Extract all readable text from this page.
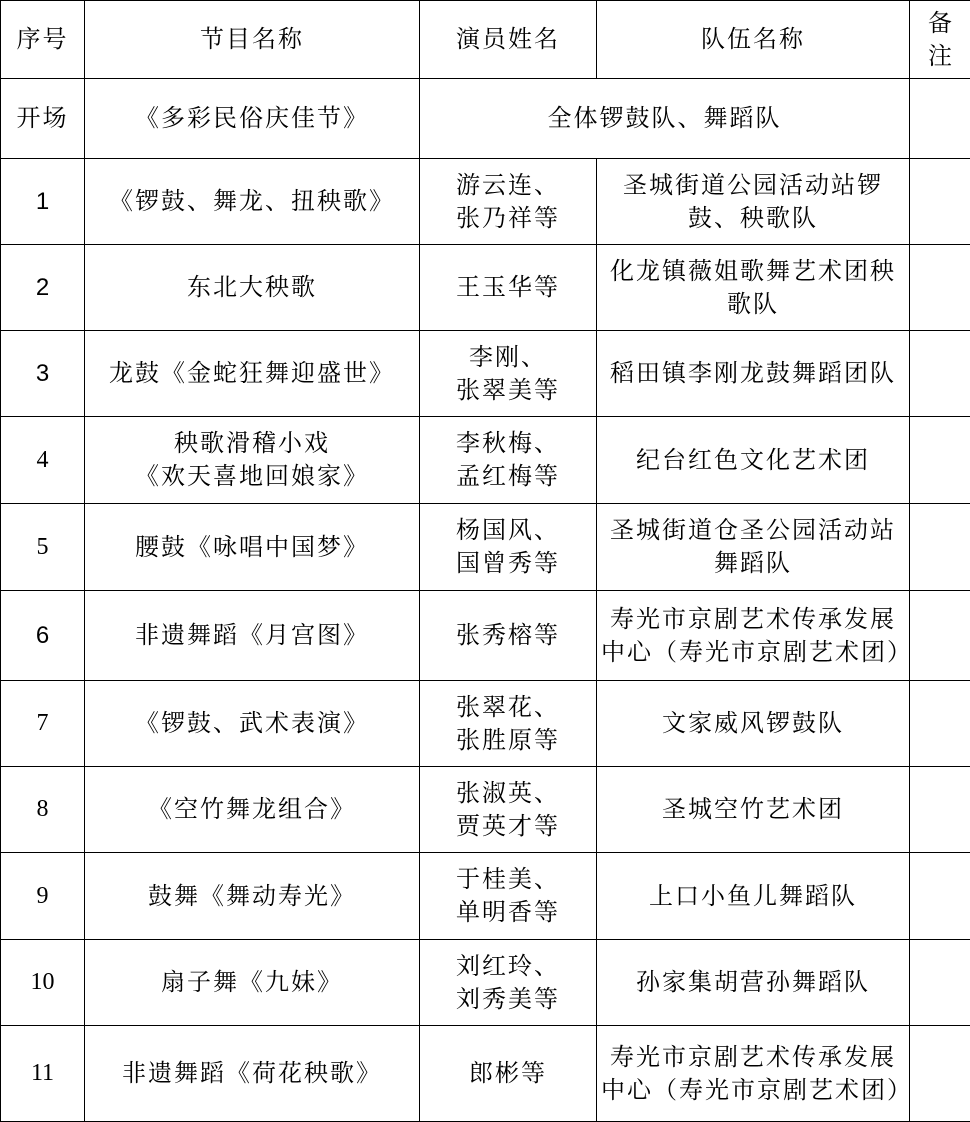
序号	节目名称	演员姓名	队伍名称	备
注

开场	《多彩民俗庆佳节》	全体锣鼓队、舞蹈队		
1	《锣鼓、舞龙、扭秧歌》	游云连、
张乃祥等	圣城街道公园活动站锣
鼓、秧歌队	

2	东北大秧歌	王玉华等	化龙镇薇姐歌舞艺术团秧
歌队	

3	龙鼓《金蛇狂舞迎盛世》	李刚、
张翠美等	稻田镇李刚龙鼓舞蹈团队	

4	秧歌滑稽小戏
《欢天喜地回娘家》	李秋梅、
孟红梅等	纪台红色文化艺术团	

5	腰鼓《咏唱中国梦》	杨国风、
国曾秀等	圣城街道仓圣公园活动站
舞蹈队	

6	非遗舞蹈《月宫图》	张秀榕等	寿光市京剧艺术传承发展
中心（寿光市京剧艺术团）	

7	《锣鼓、武术表演》	张翠花、
张胜原等	文家威风锣鼓队	

8	《空竹舞龙组合》	张淑英、
贾英才等	圣城空竹艺术团	

9	鼓舞《舞动寿光》	于桂美、
单明香等	上口小鱼儿舞蹈队	

10	扇子舞《九妹》	刘红玲、
刘秀美等	孙家集胡营孙舞蹈队	

11	非遗舞蹈《荷花秧歌》	郎彬等	寿光市京剧艺术传承发展
中心（寿光市京剧艺术团）	
